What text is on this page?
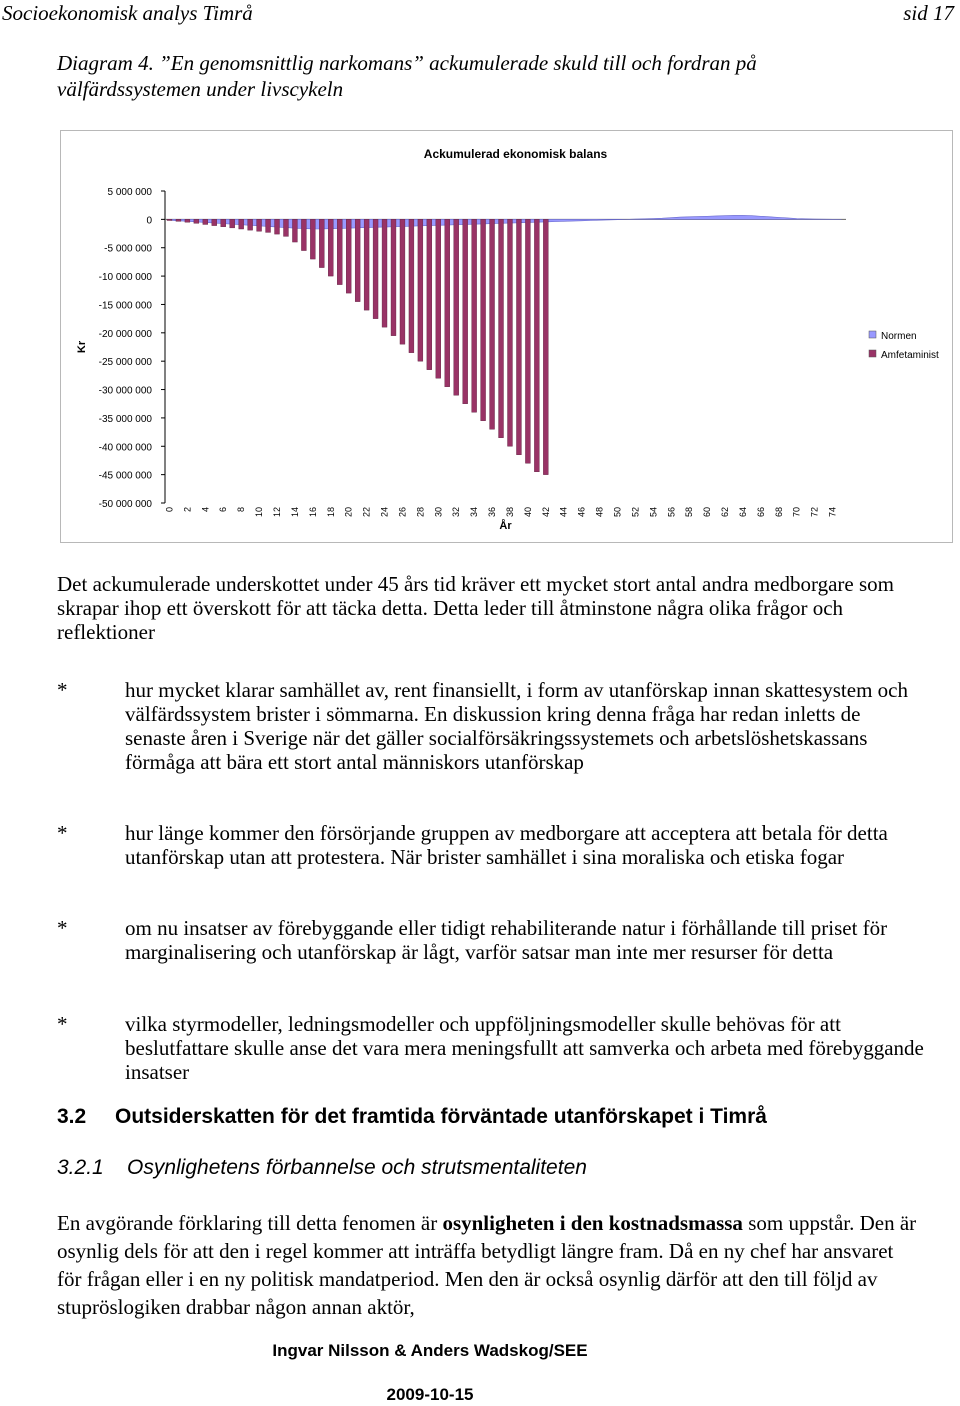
Socioekonomisk analys Timrå	sid 17
Diagram 4. ”En genomsnittlig narkomans” ackumulerade skuld till och fordran på
välfärdssystemen under livscykeln
Ackumulerad ekonomisk balans
5 000 000
0
-5 000 000
-10 000 000
-15 000 000
-20 000 000
-25 000 000
-30 000 000
-35 000 000
-40 000 000
-45 000 000
-50 000 000
Kr
0 2 4 6 8 10 12 14 16 18 20 22 24 26 28 30 32 34 36 38 40 42 44 46 48 50 52 54 56 58 60 62 64 66 68 70 72 74
År
Normen
Amfetaminist
Det ackumulerade underskottet under 45 års tid kräver ett mycket stort antal andra medborgare som skrapar ihop ett överskott för att täcka detta. Detta leder till åtminstone några olika frågor och reflektioner
*	hur mycket klarar samhället av, rent finansiellt, i form av utanförskap innan skattesystem och välfärdssystem brister i sömmarna. En diskussion kring denna fråga har redan inletts de senaste åren i Sverige när det gäller socialförsäkringssystemets och arbetslöshetskassans förmåga att bära ett stort antal människors utanförskap
*	hur länge kommer den försörjande gruppen av medborgare att acceptera att betala för detta utanförskap utan att protestera. När brister samhället i sina moraliska och etiska fogar
*	om nu insatser av förebyggande eller tidigt rehabiliterande natur i förhållande till priset för marginalisering och utanförskap är lågt, varför satsar man inte mer resurser för detta
*	vilka styrmodeller, ledningsmodeller och uppföljningsmodeller skulle behövas för att beslutfattare skulle anse det vara mera meningsfullt att samverka och arbeta med förebyggande insatser
3.2 Outsiderskatten för det framtida förväntade utanförskapet i Timrå
3.2.1 Osynlighetens förbannelse och strutsmentaliteten
En avgörande förklaring till detta fenomen är osynligheten i den kostnadsmassa som uppstår. Den är osynlig dels för att den i regel kommer att inträffa betydligt längre fram. Då en ny chef har ansvaret för frågan eller i en ny politisk mandatperiod. Men den är också osynlig därför att den till följd av stupröslogiken drabbar någon annan aktör,
Ingvar Nilsson & Anders Wadskog/SEE
2009-10-15
